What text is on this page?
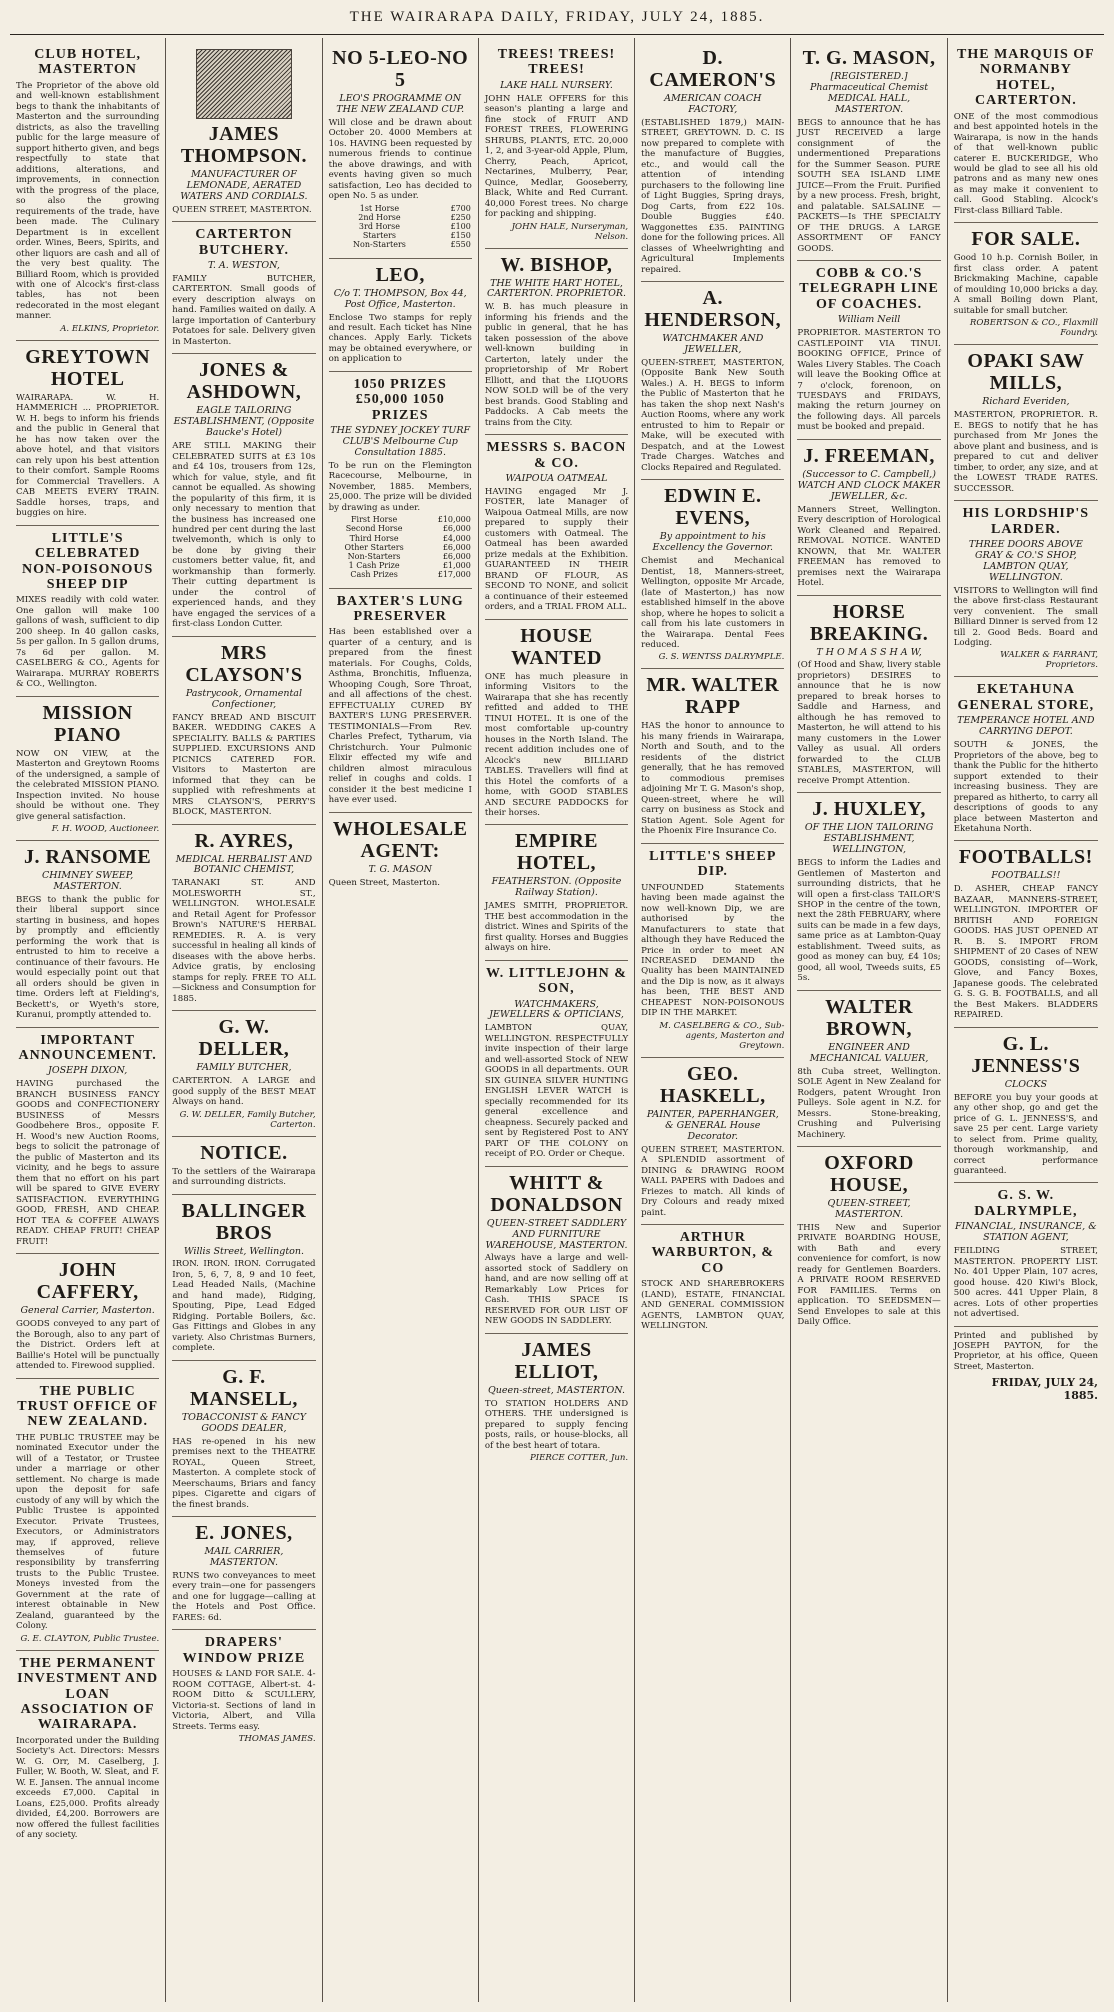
THE WAIRARAPA DAILY, FRIDAY, JULY 24, 1885.
CLUB HOTEL, MASTERTON
The Proprietor of the above old and well-known establishment begs to thank the inhabitants of Masterton and the surrounding districts, as also the travelling public for the large measure of support hitherto given, and begs respectfully to state that additions, alterations, and improvements, in connection with the progress of the place, so also the growing requirements of the trade, have been made. The Culinary Department is in excellent order. Wines, Beers, Spirits, and other liquors are cash and all of the very best quality. The Billiard Room, which is provided with one of Alcock's first-class tables, has not been redecorated in the most elegant manner.
A. ELKINS, Proprietor.
GREYTOWN HOTEL
WAIRARAPA. W. H. HAMMERICH ... PROPRIETOR. W. H. begs to inform his friends and the public in General that he has now taken over the above hotel, and that visitors can rely upon his best attention to their comfort. Sample Rooms for Commercial Travellers. A CAB MEETS EVERY TRAIN. Saddle horses, traps, and buggies on hire.
LITTLE'S CELEBRATED NON-POISONOUS SHEEP DIP
MIXES readily with cold water. One gallon will make 100 gallons of wash, sufficient to dip 200 sheep. In 40 gallon casks, 5s per gallon. In 5 gallon drums, 7s 6d per gallon. M. CASELBERG & CO., Agents for Wairarapa. MURRAY ROBERTS & CO., Wellington.
MISSION PIANO
NOW ON VIEW, at the Masterton and Greytown Rooms of the undersigned, a sample of the celebrated MISSION PIANO. Inspection invited. No house should be without one. They give general satisfaction.
F. H. WOOD, Auctioneer.
J. RANSOME
CHIMNEY SWEEP, MASTERTON.
BEGS to thank the public for their liberal support since starting in business, and hopes by promptly and efficiently performing the work that is entrusted to him to receive a continuance of their favours. He would especially point out that all orders should be given in time. Orders left at Fielding's, Beckett's, or Wyeth's store, Kuranui, promptly attended to.
IMPORTANT ANNOUNCEMENT.
JOSEPH DIXON,
HAVING purchased the BRANCH BUSINESS FANCY GOODS and CONFECTIONERY BUSINESS of Messrs Goodbehere Bros., opposite F. H. Wood's new Auction Rooms, begs to solicit the patronage of the public of Masterton and its vicinity, and he begs to assure them that no effort on his part will be spared to GIVE EVERY SATISFACTION. EVERYTHING GOOD, FRESH, AND CHEAP. HOT TEA & COFFEE ALWAYS READY. CHEAP FRUIT! CHEAP FRUIT!
JOHN CAFFERY,
General Carrier, Masterton.
GOODS conveyed to any part of the Borough, also to any part of the District. Orders left at Baillie's Hotel will be punctually attended to. Firewood supplied.
THE PUBLIC TRUST OFFICE OF NEW ZEALAND.
THE PUBLIC TRUSTEE may be nominated Executor under the will of a Testator, or Trustee under a marriage or other settlement. No charge is made upon the deposit for safe custody of any will by which the Public Trustee is appointed Executor. Private Trustees, Executors, or Administrators may, if approved, relieve themselves of future responsibility by transferring trusts to the Public Trustee. Moneys invested from the Government at the rate of interest obtainable in New Zealand, guaranteed by the Colony.
G. E. CLAYTON, Public Trustee.
THE PERMANENT INVESTMENT AND LOAN ASSOCIATION OF WAIRARAPA.
Incorporated under the Building Society's Act. Directors: Messrs W. G. Orr, M. Caselberg, J. Fuller, W. Booth, W. Sleat, and F. W. E. Jansen. The annual income exceeds £7,000. Capital in Loans, £25,000. Profits already divided, £4,200. Borrowers are now offered the fullest facilities of any society.
JAMES THOMPSON.
MANUFACTURER OF LEMONADE, AERATED WATERS AND CORDIALS.
QUEEN STREET, MASTERTON.
CARTERTON BUTCHERY.
T. A. WESTON,
FAMILY BUTCHER, CARTERTON. Small goods of every description always on hand. Families waited on daily. A large importation of Canterbury Potatoes for sale. Delivery given in Masterton.
JONES & ASHDOWN,
EAGLE TAILORING ESTABLISHMENT, (Opposite Baucke's Hotel)
ARE STILL MAKING their CELEBRATED SUITS at £3 10s and £4 10s, trousers from 12s, which for value, style, and fit cannot be equalled. As showing the popularity of this firm, it is only necessary to mention that the business has increased one hundred per cent during the last twelvemonth, which is only to be done by giving their customers better value, fit, and workmanship than formerly. Their cutting department is under the control of experienced hands, and they have engaged the services of a first-class London Cutter.
MRS CLAYSON'S
Pastrycook, Ornamental Confectioner,
FANCY BREAD AND BISCUIT BAKER. WEDDING CAKES A SPECIALITY. BALLS & PARTIES SUPPLIED. EXCURSIONS AND PICNICS CATERED FOR. Visitors to Masterton are informed that they can be supplied with refreshments at MRS CLAYSON'S, PERRY'S BLOCK, MASTERTON.
R. AYRES,
MEDICAL HERBALIST AND BOTANIC CHEMIST,
TARANAKI ST. AND MOLESWORTH ST., WELLINGTON. WHOLESALE and Retail Agent for Professor Brown's NATURE'S HERBAL REMEDIES. R. A. is very successful in healing all kinds of diseases with the above herbs. Advice gratis, by enclosing stamps for reply. FREE TO ALL—Sickness and Consumption for 1885.
G. W. DELLER,
FAMILY BUTCHER,
CARTERTON. A LARGE and good supply of the BEST MEAT Always on hand.
G. W. DELLER, Family Butcher, Carterton.
NOTICE.
To the settlers of the Wairarapa and surrounding districts.
BALLINGER BROS
Willis Street, Wellington.
IRON. IRON. IRON. Corrugated Iron, 5, 6, 7, 8, 9 and 10 feet, Lead Headed Nails, (Machine and hand made), Ridging, Spouting, Pipe, Lead Edged Ridging. Portable Boilers, &c. Gas Fittings and Globes in any variety. Also Christmas Burners, complete.
G. F. MANSELL,
TOBACCONIST & FANCY GOODS DEALER,
HAS re-opened in his new premises next to the THEATRE ROYAL, Queen Street, Masterton. A complete stock of Meerschaums, Briars and fancy pipes. Cigarette and cigars of the finest brands.
E. JONES,
MAIL CARRIER, MASTERTON.
RUNS two conveyances to meet every train—one for passengers and one for luggage—calling at the Hotels and Post Office. FARES: 6d.
DRAPERS' WINDOW PRIZE
HOUSES & LAND FOR SALE. 4-ROOM COTTAGE, Albert-st. 4-ROOM Ditto & SCULLERY, Victoria-st. Sections of land in Victoria, Albert, and Villa Streets. Terms easy.
THOMAS JAMES.
NO 5-LEO-NO 5
LEO'S PROGRAMME ON THE NEW ZEALAND CUP.
Will close and be drawn about October 20. 4000 Members at 10s. HAVING been requested by numerous friends to continue the above drawings, and with events having given so much satisfaction, Leo has decided to open No. 5 as under.
1st Horse	£700
2nd Horse	£250
3rd Horse	£100
Starters	£150
Non-Starters	£550
LEO,
C/o T. THOMPSON, Box 44, Post Office, Masterton.
Enclose Two stamps for reply and result. Each ticket has Nine chances. Apply Early. Tickets may be obtained everywhere, or on application to
1050 PRIZES £50,000 1050 PRIZES
THE SYDNEY JOCKEY TURF CLUB'S Melbourne Cup Consultation 1885.
To be run on the Flemington Racecourse, Melbourne, in November, 1885. Members, 25,000. The prize will be divided by drawing as under.
First Horse	£10,000
Second Horse	£6,000
Third Horse	£4,000
Other Starters	£6,000
Non-Starters	£6,000
1 Cash Prize	£1,000
Cash Prizes	£17,000
BAXTER'S LUNG PRESERVER
Has been established over a quarter of a century, and is prepared from the finest materials. For Coughs, Colds, Asthma, Bronchitis, Influenza, Whooping Cough, Sore Throat, and all affections of the chest. EFFECTUALLY CURED BY BAXTER'S LUNG PRESERVER. TESTIMONIALS—From Rev. Charles Prefect, Tytharum, via Christchurch. Your Pulmonic Elixir effected my wife and children almost miraculous relief in coughs and colds. I consider it the best medicine I have ever used.
WHOLESALE AGENT:
T. G. MASON
Queen Street, Masterton.
TREES! TREES! TREES!
LAKE HALL NURSERY.
JOHN HALE OFFERS for this season's planting a large and fine stock of FRUIT AND FOREST TREES, FLOWERING SHRUBS, PLANTS, ETC. 20,000 1, 2, and 3-year-old Apple, Plum, Cherry, Peach, Apricot, Nectarines, Mulberry, Pear, Quince, Medlar, Gooseberry, Black, White and Red Currant. 40,000 Forest trees. No charge for packing and shipping.
JOHN HALE, Nurseryman, Nelson.
W. BISHOP,
THE WHITE HART HOTEL, CARTERTON. PROPRIETOR.
W. B. has much pleasure in informing his friends and the public in general, that he has taken possession of the above well-known building in Carterton, lately under the proprietorship of Mr Robert Elliott, and that the LIQUORS NOW SOLD will be of the very best brands. Good Stabling and Paddocks. A Cab meets the trains from the City.
MESSRS S. BACON & CO.
WAIPOUA OATMEAL
HAVING engaged Mr J. FOSTER, late Manager of Waipoua Oatmeal Mills, are now prepared to supply their customers with Oatmeal. The Oatmeal has been awarded prize medals at the Exhibition. GUARANTEED IN THEIR BRAND OF FLOUR, AS SECOND TO NONE, and solicit a continuance of their esteemed orders, and a TRIAL FROM ALL.
HOUSE WANTED
ONE has much pleasure in informing Visitors to the Wairarapa that she has recently refitted and added to THE TINUI HOTEL. It is one of the most comfortable up-country houses in the North Island. The recent addition includes one of Alcock's new BILLIARD TABLES. Travellers will find at this Hotel the comforts of a home, with GOOD STABLES AND SECURE PADDOCKS for their horses.
EMPIRE HOTEL,
FEATHERSTON. (Opposite Railway Station).
JAMES SMITH, PROPRIETOR. THE best accommodation in the district. Wines and Spirits of the first quality. Horses and Buggies always on hire.
W. LITTLEJOHN & SON,
WATCHMAKERS, JEWELLERS & OPTICIANS,
LAMBTON QUAY, WELLINGTON. RESPECTFULLY invite inspection of their large and well-assorted Stock of NEW GOODS in all departments. OUR SIX GUINEA SILVER HUNTING ENGLISH LEVER WATCH is specially recommended for its general excellence and cheapness. Securely packed and sent by Registered Post to ANY PART OF THE COLONY on receipt of P.O. Order or Cheque.
WHITT & DONALDSON
QUEEN-STREET SADDLERY AND FURNITURE WAREHOUSE, MASTERTON.
Always have a large and well-assorted stock of Saddlery on hand, and are now selling off at Remarkably Low Prices for Cash. THIS SPACE IS RESERVED FOR OUR LIST OF NEW GOODS IN SADDLERY.
JAMES ELLIOT,
Queen-street, MASTERTON.
TO STATION HOLDERS AND OTHERS. THE undersigned is prepared to supply fencing posts, rails, or house-blocks, all of the best heart of totara.
PIERCE COTTER, Jun.
D. CAMERON'S
AMERICAN COACH FACTORY,
(ESTABLISHED 1879,) MAIN-STREET, GREYTOWN. D. C. IS now prepared to complete with the manufacture of Buggies, etc., and would call the attention of intending purchasers to the following line of Light Buggies, Spring drays, Dog Carts, from £22 10s. Double Buggies £40. Waggonettes £35. PAINTING done for the following prices. All classes of Wheelwrighting and Agricultural Implements repaired.
A. HENDERSON,
WATCHMAKER AND JEWELLER,
QUEEN-STREET, MASTERTON, (Opposite Bank New South Wales.) A. H. BEGS to inform the Public of Masterton that he has taken the shop next Nash's Auction Rooms, where any work entrusted to him to Repair or Make, will be executed with Despatch, and at the Lowest Trade Charges. Watches and Clocks Repaired and Regulated.
EDWIN E. EVENS,
By appointment to his Excellency the Governor.
Chemist and Mechanical Dentist, 18, Manners-street, Wellington, opposite Mr Arcade, (late of Masterton,) has now established himself in the above shop, where he hopes to solicit a call from his late customers in the Wairarapa. Dental Fees reduced.
G. S. WENTSS DALRYMPLE.
MR. WALTER RAPP
HAS the honor to announce to his many friends in Wairarapa, North and South, and to the residents of the district generally, that he has removed to commodious premises adjoining Mr T. G. Mason's shop, Queen-street, where he will carry on business as Stock and Station Agent. Sole Agent for the Phoenix Fire Insurance Co.
LITTLE'S SHEEP DIP.
UNFOUNDED Statements having been made against the now well-known Dip, we are authorised by the Manufacturers to state that although they have Reduced the Price in order to meet AN INCREASED DEMAND the Quality has been MAINTAINED and the Dip is now, as it always has been, THE BEST AND CHEAPEST NON-POISONOUS DIP IN THE MARKET.
M. CASELBERG & CO., Sub-agents, Masterton and Greytown.
GEO. HASKELL,
PAINTER, PAPERHANGER, & GENERAL House Decorator.
QUEEN STREET, MASTERTON. A SPLENDID assortment of DINING & DRAWING ROOM WALL PAPERS with Dadoes and Friezes to match. All kinds of Dry Colours and ready mixed paint.
ARTHUR WARBURTON, & CO
STOCK AND SHAREBROKERS (LAND), ESTATE, FINANCIAL AND GENERAL COMMISSION AGENTS, LAMBTON QUAY, WELLINGTON.
T. G. MASON,
[REGISTERED.] Pharmaceutical Chemist MEDICAL HALL, MASTERTON.
BEGS to announce that he has JUST RECEIVED a large consignment of the undermentioned Preparations for the Summer Season. PURE SOUTH SEA ISLAND LIME JUICE—From the Fruit. Purified by a new process. Fresh, bright, and palatable. SALSALINE — PACKETS—Is THE SPECIALTY OF THE DRUGS. A LARGE ASSORTMENT OF FANCY GOODS.
COBB & CO.'S TELEGRAPH LINE OF COACHES.
William Neill
PROPRIETOR. MASTERTON TO CASTLEPOINT VIA TINUI. BOOKING OFFICE, Prince of Wales Livery Stables. The Coach will leave the Booking Office at 7 o'clock, forenoon, on TUESDAYS and FRIDAYS, making the return journey on the following days. All parcels must be booked and prepaid.
J. FREEMAN,
(Successor to C. Campbell,) WATCH AND CLOCK MAKER JEWELLER, &c.
Manners Street, Wellington. Every description of Horological Work Cleaned and Repaired. REMOVAL NOTICE. WANTED KNOWN, that Mr. WALTER FREEMAN has removed to premises next the Wairarapa Hotel.
HORSE BREAKING.
T H O M A S S H A W,
(Of Hood and Shaw, livery stable proprietors) DESIRES to announce that he is now prepared to break horses to Saddle and Harness, and although he has removed to Masterton, he will attend to his many customers in the Lower Valley as usual. All orders forwarded to the CLUB STABLES, MASTERTON, will receive Prompt Attention.
J. HUXLEY,
OF THE LION TAILORING ESTABLISHMENT, WELLINGTON,
BEGS to inform the Ladies and Gentlemen of Masterton and surrounding districts, that he will open a first-class TAILOR'S SHOP in the centre of the town, next the 28th FEBRUARY, where suits can be made in a few days, same price as at Lambton-Quay establishment. Tweed suits, as good as money can buy, £4 10s; good, all wool, Tweeds suits, £5 5s.
WALTER BROWN,
ENGINEER AND MECHANICAL VALUER,
8th Cuba street, Wellington. SOLE Agent in New Zealand for Rodgers, patent Wrought Iron Pulleys. Sole agent in N.Z. for Messrs. Stone-breaking, Crushing and Pulverising Machinery.
OXFORD HOUSE,
QUEEN-STREET, MASTERTON.
THIS New and Superior PRIVATE BOARDING HOUSE, with Bath and every convenience for comfort, is now ready for Gentlemen Boarders. A PRIVATE ROOM RESERVED FOR FAMILIES. Terms on application. TO SEEDSMEN—Send Envelopes to sale at this Daily Office.
THE MARQUIS OF NORMANBY HOTEL, CARTERTON.
ONE of the most commodious and best appointed hotels in the Wairarapa, is now in the hands of that well-known public caterer E. BUCKERIDGE, Who would be glad to see all his old patrons and as many new ones as may make it convenient to call. Good Stabling. Alcock's First-class Billiard Table.
FOR SALE.
Good 10 h.p. Cornish Boiler, in first class order. A patent Brickmaking Machine, capable of moulding 10,000 bricks a day. A small Boiling down Plant, suitable for small butcher.
ROBERTSON & CO., Flaxmill Foundry.
OPAKI SAW MILLS,
Richard Everiden,
MASTERTON, PROPRIETOR. R. E. BEGS to notify that he has purchased from Mr Jones the above plant and business, and is prepared to cut and deliver timber, to order, any size, and at the LOWEST TRADE RATES. SUCCESSOR.
HIS LORDSHIP'S LARDER.
THREE DOORS ABOVE GRAY & CO.'S SHOP, LAMBTON QUAY, WELLINGTON.
VISITORS to Wellington will find the above first-class Restaurant very convenient. The small Billiard Dinner is served from 12 till 2. Good Beds. Board and Lodging.
WALKER & FARRANT, Proprietors.
EKETAHUNA GENERAL STORE,
TEMPERANCE HOTEL AND CARRYING DEPOT.
SOUTH & JONES, the Proprietors of the above, beg to thank the Public for the hitherto support extended to their increasing business. They are prepared as hitherto, to carry all descriptions of goods to any place between Masterton and Eketahuna North.
FOOTBALLS!
FOOTBALLS!!
D. ASHER, CHEAP FANCY BAZAAR, MANNERS-STREET, WELLINGTON. IMPORTER OF BRITISH AND FOREIGN GOODS. HAS JUST OPENED AT R. B. S. IMPORT FROM SHIPMENT of 20 Cases of NEW GOODS, consisting of—Work, Glove, and Fancy Boxes, Japanese goods. The celebrated G. S. G. B. FOOTBALLS, and all the Best Makers. BLADDERS REPAIRED.
G. L. JENNESS'S
CLOCKS
BEFORE you buy your goods at any other shop, go and get the price of G. L. JENNESS'S, and save 25 per cent. Large variety to select from. Prime quality, thorough workmanship, and correct performance guaranteed.
G. S. W. DALRYMPLE,
FINANCIAL, INSURANCE, & STATION AGENT,
FEILDING STREET, MASTERTON. PROPERTY LIST. No. 401 Upper Plain, 107 acres, good house. 420 Kiwi's Block, 500 acres. 441 Upper Plain, 8 acres. Lots of other properties not advertised.
Printed and published by JOSEPH PAYTON, for the Proprietor, at his office, Queen Street, Masterton.
FRIDAY, JULY 24, 1885.
